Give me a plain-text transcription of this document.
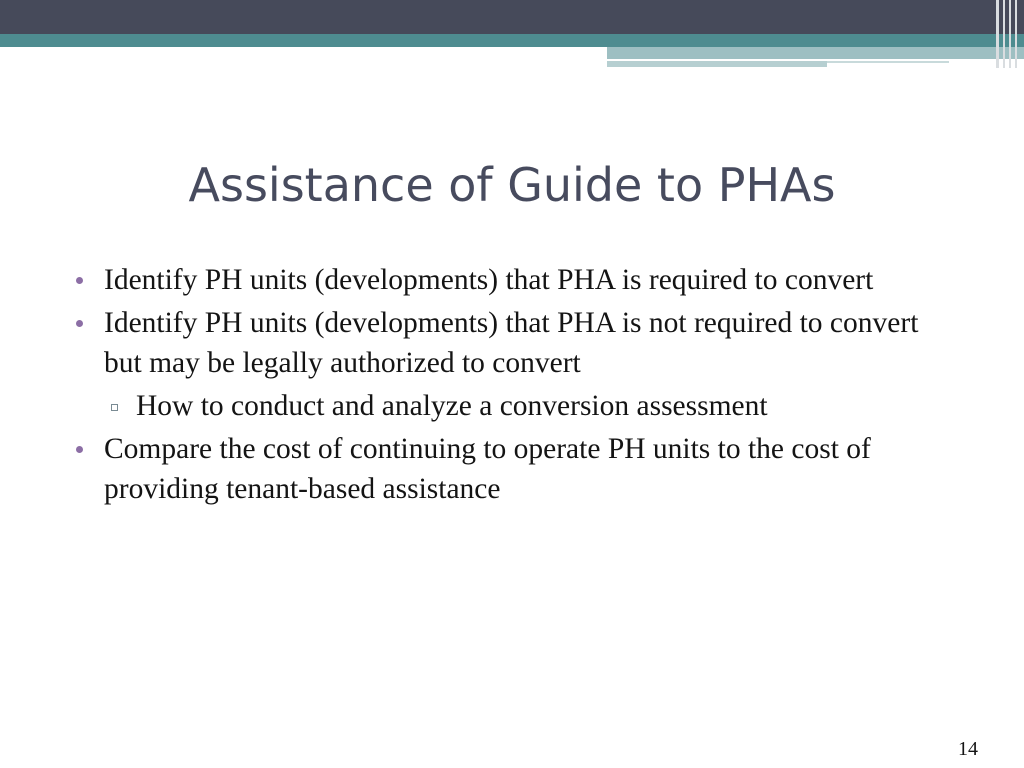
Assistance of Guide to PHAs
Identify PH units (developments) that PHA is required to convert
Identify PH units (developments) that PHA is not required to convert but may be legally authorized to convert
How to conduct and analyze a conversion assessment
Compare the cost of continuing to operate PH units to the cost of providing tenant-based assistance
14
